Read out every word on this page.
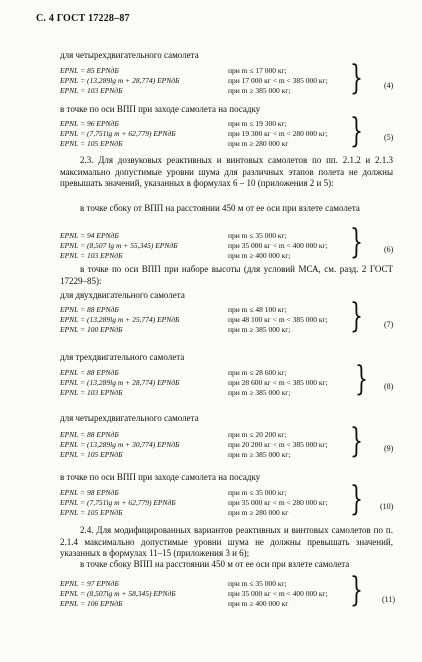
С. 4 ГОСТ 17228–87
для четырехдвигательного самолета
EPNL = 85 EPNдБ	при m ≤ 17 000 кг;
EPNL = (13,289lg m + 28,774) EPNдБ	при 17 000 кг < m < 385 000 кг;
EPNL = 103 EPNдБ	при m ≥ 385 000 кг; }	(4)
в точке по оси ВПП при заходе самолета на посадку
EPNL = 96 EPNдБ	при m ≤ 19 300 кг;
EPNL = (7,751lg m + 62,779) EPNдБ	при 19 300 кг < m < 280 000 кг;
EPNL = 105 EPNдБ	при m ≥ 280 000 кг }	(5)
2.3. Для дозвуковых реактивных и винтовых самолетов по пп. 2.1.2 и 2.1.3 максимально допустимые уровни шума для различных этапов полета не должны превышать значений, указанных в формулах 6 – 10 (приложения 2 и 5):
в точке сбоку от ВПП на расстоянии 450 м от ее оси при взлете самолета
EPNL = 94 EPNдБ	при m ≤ 35 000 кг;
EPNL = (8,507 lg m + 55,345) EPNдБ	при 35 000 кг < m < 400 000 кг;
EPNL = 103 EPNдБ	при m ≥ 400 000 кг; }	(6)
в точке по оси ВПП при наборе высоты (для условий МСА, см. разд. 2 ГОСТ 17229–85):
для двухдвигательного самолета
EPNL = 88 EPNдБ	при m ≤ 48 100 кг;
EPNL = (13,289lg m + 25,774) EPNдБ	при 48 100 кг < m < 385 000 кг;
EPNL = 100 EPNдБ	при m ≥ 385 000 кг; }	(7)
для трехдвигательного самолета
EPNL = 88 EPNдБ	при m ≤ 28 600 кг;
EPNL = (13,289lg m + 28,774) EPNдБ	при 28 600 кг < m < 385 000 кг;
EPNL = 103 EPNдБ	при m ≥ 385 000 кг; } (8)
для четырехдвигательного самолета
EPNL = 88 EPNдБ	при m ≤ 20 200 кг;
EPNL = (13,289lg m + 30,774) EPNдБ	при 20 200 кг < m < 385 000 кг;
EPNL = 105 EPNдБ	при m ≥ 385 000 кг; }	(9)
в точке по оси ВПП при заходе самолета на посадку
EPNL = 98 EPNдБ	при m ≤ 35 000 кг;
EPNL = (7,751lg m + 62,779) EPNдБ	при 35 000 кг < m < 280 000 кг;
EPNL = 105 EPNдБ	при m ≥ 280 000 кг } (10)
2.4. Для модифицированных вариантов реактивных и винтовых самолетов по п. 2.1.4 максимально допустимые уровни шума не должны превышать значений, указанных в формулах 11–15 (приложения 3 и 6);
в точке сбоку ВПП на расстоянии 450 м от ее оси при взлете самолета
EPNL = 97 EPNдБ	при m ≤ 35 000 кг;
EPNL = (8,507lg m + 58,345) EPNдБ	при 35 000 кг < m < 400 000 кг;
EPNL = 106 EPNдБ	при m ≥ 400 000 кг } (11)
